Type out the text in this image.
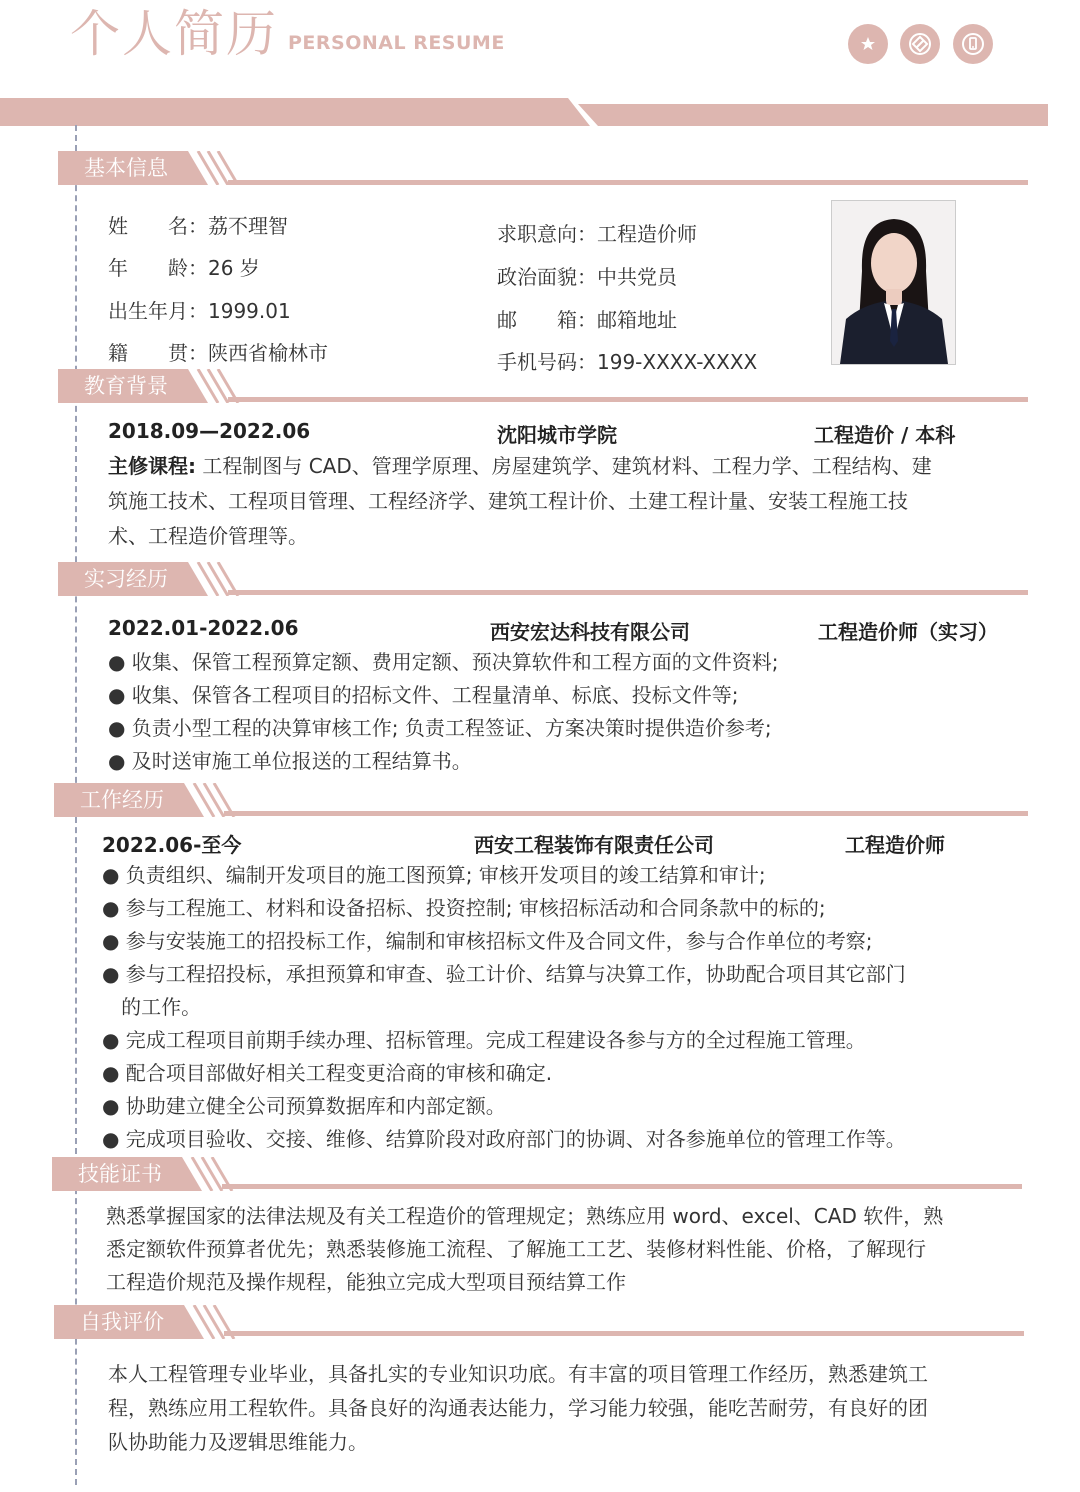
个人简历 PERSONAL RESUME
基本信息
姓　　名：荔不理智
年　　龄：26 岁
出生年月：1999.01
籍　　贯：陕西省榆林市
求职意向：工程造价师
政治面貌：中共党员
邮　　箱：邮箱地址
手机号码：199-XXXX-XXXX
教育背景
2018.09—2022.06	沈阳城市学院	工程造价 / 本科
主修课程: 工程制图与 CAD、管理学原理、房屋建筑学、建筑材料、工程力学、工程结构、建
筑施工技术、工程项目管理、工程经济学、建筑工程计价、土建工程计量、安装工程施工技
术、工程造价管理等。
实习经历
2022.01-2022.06	西安宏达科技有限公司	工程造价师（实习）
● 收集、保管工程预算定额、费用定额、预决算软件和工程方面的文件资料;
● 收集、保管各工程项目的招标文件、工程量清单、标底、投标文件等;
● 负责小型工程的决算审核工作; 负责工程签证、方案决策时提供造价参考;
● 及时送审施工单位报送的工程结算书。
工作经历
2022.06-至今	西安工程装饰有限责任公司	工程造价师
● 负责组织、编制开发项目的施工图预算; 审核开发项目的竣工结算和审计;
● 参与工程施工、材料和设备招标、投资控制; 审核招标活动和合同条款中的标的;
● 参与安装施工的招投标工作，编制和审核招标文件及合同文件，参与合作单位的考察;
● 参与工程招投标，承担预算和审查、验工计价、结算与决算工作，协助配合项目其它部门
的工作。
● 完成工程项目前期手续办理、招标管理。完成工程建设各参与方的全过程施工管理。
● 配合项目部做好相关工程变更洽商的审核和确定.
● 协助建立健全公司预算数据库和内部定额。
● 完成项目验收、交接、维修、结算阶段对政府部门的协调、对各参施单位的管理工作等。
技能证书
熟悉掌握国家的法律法规及有关工程造价的管理规定；熟练应用 word、excel、CAD 软件，熟
悉定额软件预算者优先；熟悉装修施工流程、了解施工工艺、装修材料性能、价格，了解现行
工程造价规范及操作规程，能独立完成大型项目预结算工作
自我评价
本人工程管理专业毕业，具备扎实的专业知识功底。有丰富的项目管理工作经历，熟悉建筑工
程，熟练应用工程软件。具备良好的沟通表达能力，学习能力较强，能吃苦耐劳，有良好的团
队协助能力及逻辑思维能力。
